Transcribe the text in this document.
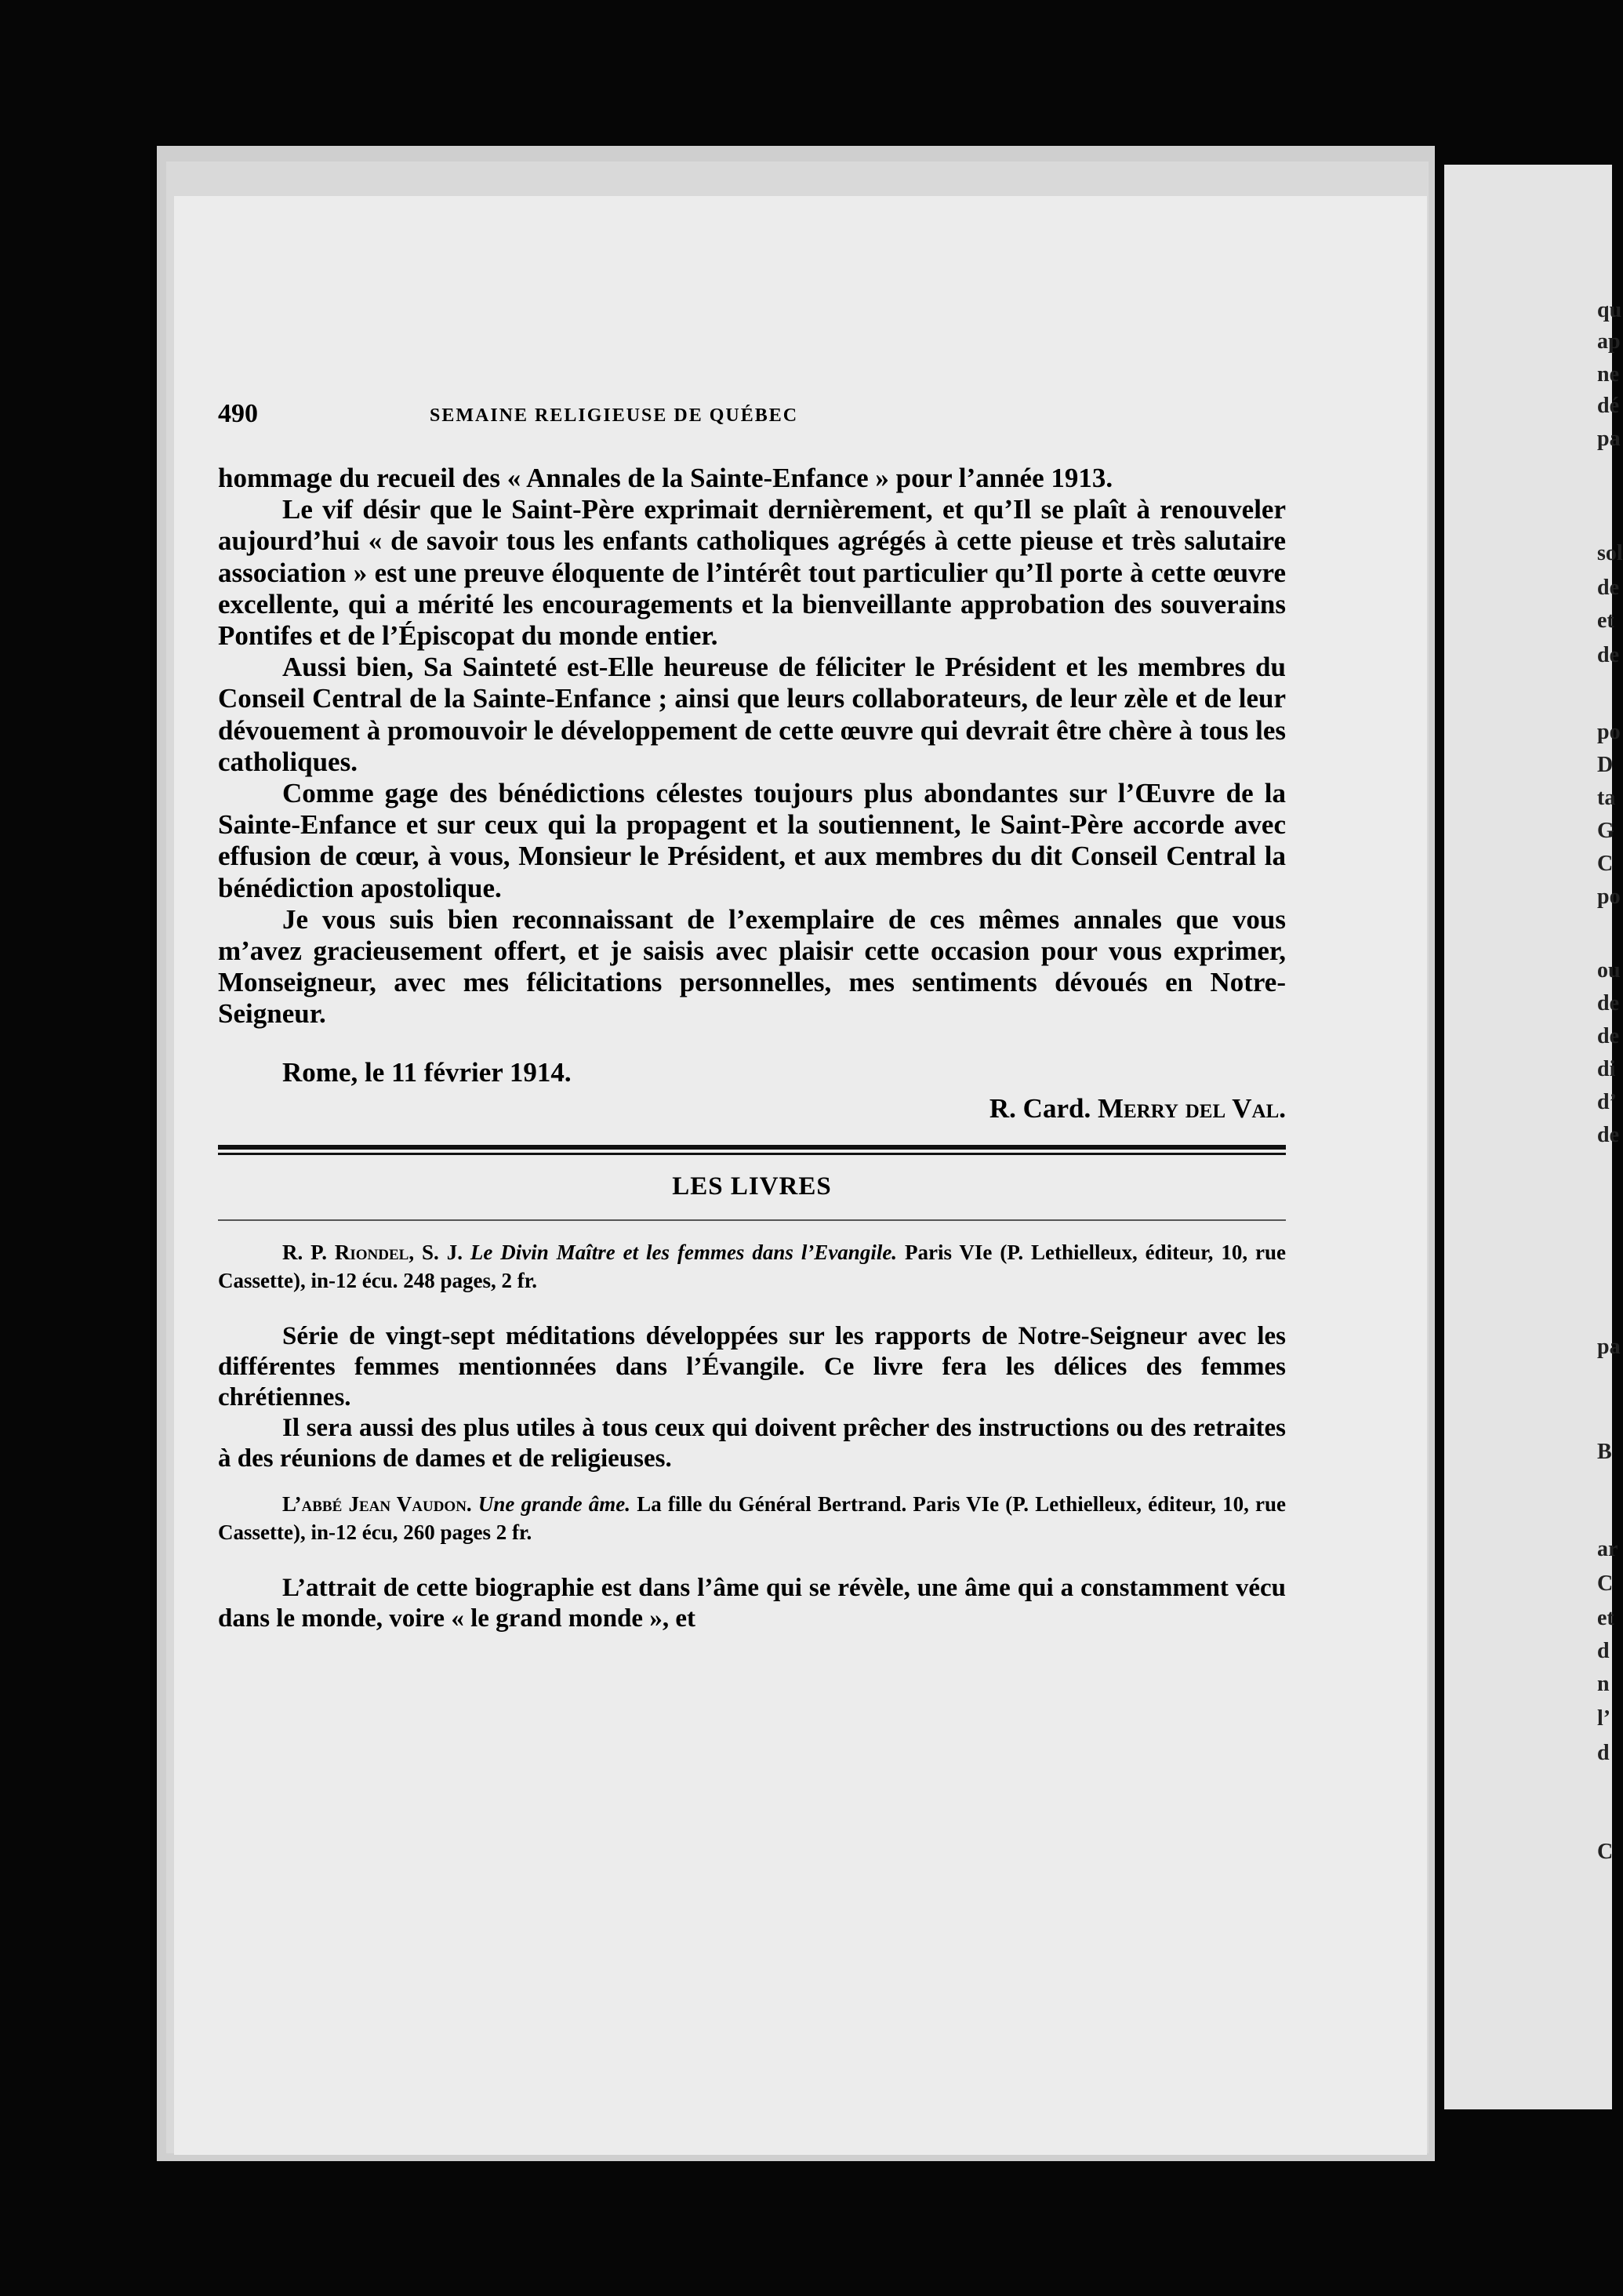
qu
ap
ne
dé
pa
sol
de
et
de
po
D
ta
G
C
po
ou
de
de
di
d’
de
pa
B
ar
C
et
d
n
l’
d
C
490	SEMAINE RELIGIEUSE DE QUÉBEC

hommage du recueil des « Annales de la Sainte-Enfance » pour l’année 1913.

Le vif désir que le Saint-Père exprimait dernièrement, et qu’Il se plaît à renouveler aujourd’hui « de savoir tous les enfants catholiques agrégés à cette pieuse et très salutaire association » est une preuve éloquente de l’intérêt tout particulier qu’Il porte à cette œuvre excellente, qui a mérité les encouragements et la bienveillante approbation des souverains Pontifes et de l’Épiscopat du monde entier.

Aussi bien, Sa Sainteté est-Elle heureuse de féliciter le Président et les membres du Conseil Central de la Sainte-Enfance ; ainsi que leurs collaborateurs, de leur zèle et de leur dévouement à promouvoir le développement de cette œuvre qui devrait être chère à tous les catholiques.

Comme gage des bénédictions célestes toujours plus abondantes sur l’Œuvre de la Sainte-Enfance et sur ceux qui la propagent et la soutiennent, le Saint-Père accorde avec effusion de cœur, à vous, Monsieur le Président, et aux membres du dit Conseil Central la bénédiction apostolique.

Je vous suis bien reconnaissant de l’exemplaire de ces mêmes annales que vous m’avez gracieusement offert, et je saisis avec plaisir cette occasion pour vous exprimer, Monseigneur, avec mes félicitations personnelles, mes sentiments dévoués en Notre-Seigneur.

Rome, le 11 février 1914.

R. Card. Merry del Val.

LES LIVRES

R. P. Riondel, S. J. Le Divin Maître et les femmes dans l’Evangile. Paris VIe (P. Lethielleux, éditeur, 10, rue Cassette), in-12 écu. 248 pages, 2 fr.

Série de vingt-sept méditations développées sur les rapports de Notre-Seigneur avec les différentes femmes mentionnées dans l’Évangile. Ce livre fera les délices des femmes chrétiennes.

Il sera aussi des plus utiles à tous ceux qui doivent prêcher des instructions ou des retraites à des réunions de dames et de religieuses.

L’abbé Jean Vaudon. Une grande âme. La fille du Général Bertrand. Paris VIe (P. Lethielleux, éditeur, 10, rue Cassette), in-12 écu, 260 pages 2 fr.

L’attrait de cette biographie est dans l’âme qui se révèle, une âme qui a constamment vécu dans le monde, voire « le grand monde », et
